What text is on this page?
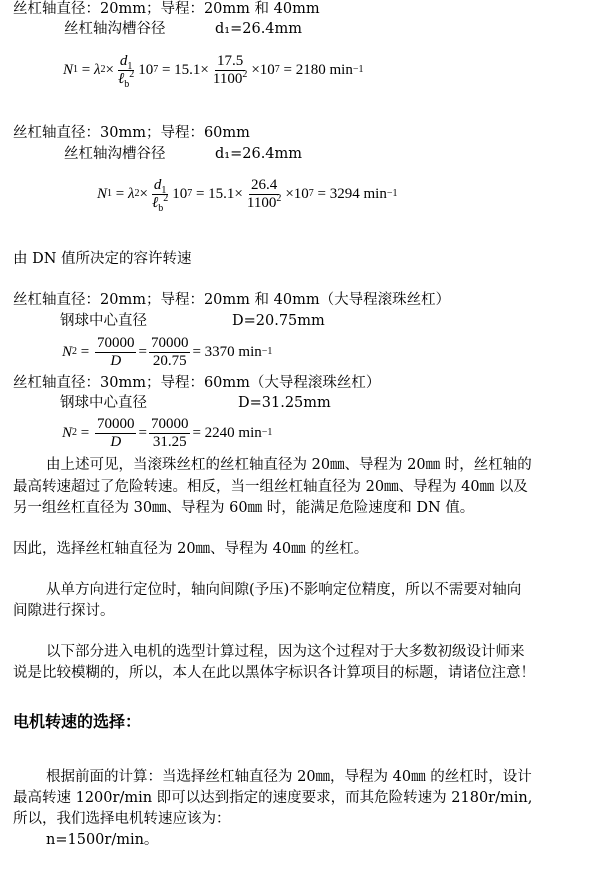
丝杠轴直径：20mm；导程：20mm 和 40mm
丝杠轴沟槽谷径	d₁=26.4mm
N 1 = λ $2 \times \frac{d_1}{\ell_b^2} 10$ 7
= $15.1\times \frac{17.5}{1100^2} \times 10$ 7
= 2180 min −1
丝杠轴直径：30mm；导程：60mm
丝杠轴沟槽谷径	d₁=26.4mm
N 1 = λ $2 \times \frac{d_1}{\ell_b^2} 10$ 7
= $15.1\times \frac{26.4}{1100^2} \times 10$ 7
= 3294 min −1
由 DN 值所决定的容许转速
丝杠轴直径：20mm；导程：20mm 和 40mm（大导程滚珠丝杠）
钢球中心直径	D=20.75mm
N $2 = \frac{70000}{D} = \frac{70000}{20.75} = 3370$ min −1
丝杠轴直径：30mm；导程：60mm（大导程滚珠丝杠）
钢球中心直径	D=31.25mm
N $2 = \frac{70000}{D} = \frac{70000}{31.25} = 2240$ min −1
由上述可见，当滚珠丝杠的丝杠轴直径为 20㎜、导程为 20㎜ 时，丝杠轴的
最高转速超过了危险转速。相反，当一组丝杠轴直径为 20㎜、导程为 40㎜ 以及
另一组丝杠直径为 30㎜、导程为 60㎜ 时，能满足危险速度和 DN 值。
因此，选择丝杠轴直径为 20㎜、导程为 40㎜ 的丝杠。
从单方向进行定位时，轴向间隙(予压)不影响定位精度，所以不需要对轴向
间隙进行探讨。
以下部分进入电机的选型计算过程，因为这个过程对于大多数初级设计师来
说是比较模糊的，所以，本人在此以黑体字标识各计算项目的标题，请诸位注意！
电机转速的选择：
根据前面的计算：当选择丝杠轴直径为 20㎜，导程为 40㎜ 的丝杠时，设计
最高转速 1200r/min 即可以达到指定的速度要求，而其危险转速为 2180r/min,
所以，我们选择电机转速应该为：
n=1500r/min。
